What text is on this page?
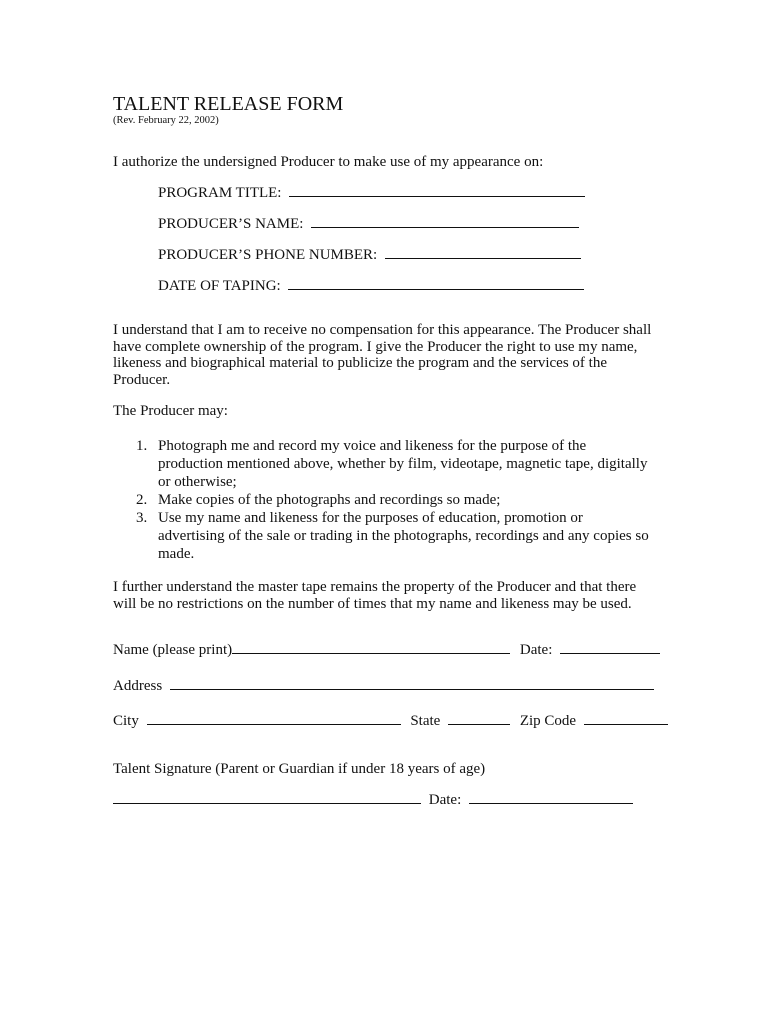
TALENT RELEASE FORM
(Rev. February 22, 2002)
I authorize the undersigned Producer to make use of my appearance on:
PROGRAM TITLE:
PRODUCER’S NAME:
PRODUCER’S PHONE NUMBER:
DATE OF TAPING:
I understand that I am to receive no compensation for this appearance. The Producer shall
have complete ownership of the program. I give the Producer the right to use my name,
likeness and biographical material to publicize the program and the services of the
Producer.
The Producer may:
1. Photograph me and record my voice and likeness for the purpose of the
production mentioned above, whether by film, videotape, magnetic tape, digitally
or otherwise;
2. Make copies of the photographs and recordings so made;
3. Use my name and likeness for the purposes of education, promotion or
advertising of the sale or trading in the photographs, recordings and any copies so
made.
I further understand the master tape remains the property of the Producer and that there
will be no restrictions on the number of times that my name and likeness may be used.
Name (please print)	Date:
Address
City	State	Zip Code
Talent Signature (Parent or Guardian if under 18 years of age)
Date:
